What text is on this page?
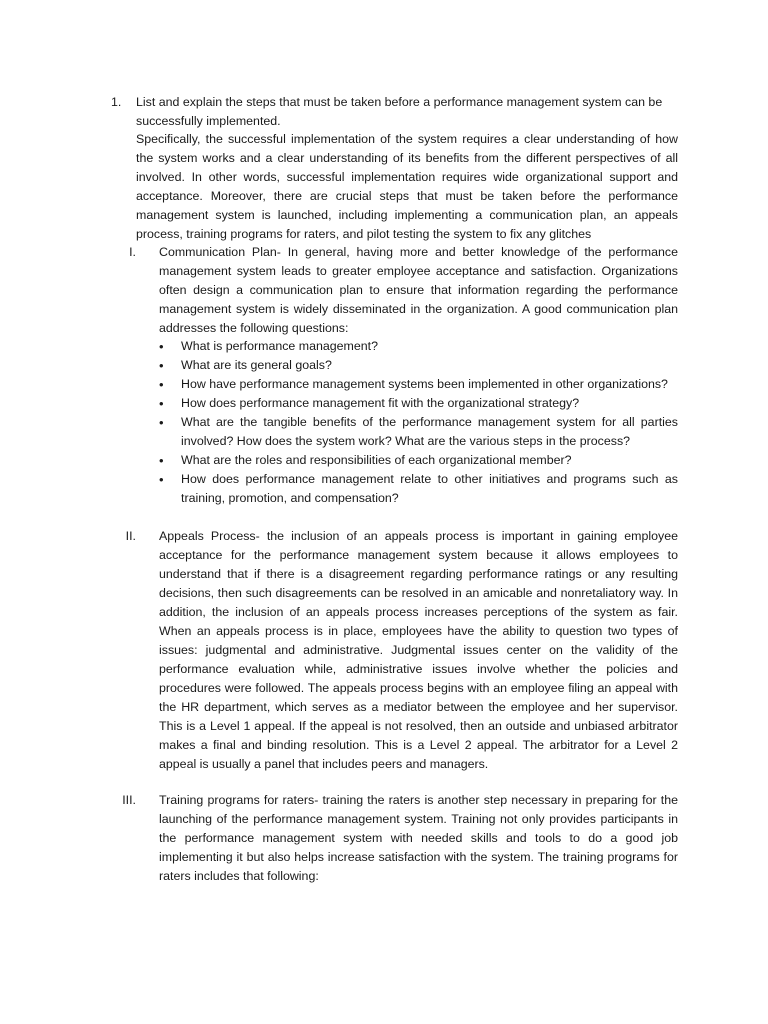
1.	List and explain the steps that must be taken before a performance management system can be successfully implemented.

Specifically, the successful implementation of the system requires a clear understanding of how the system works and a clear understanding of its benefits from the different perspectives of all involved. In other words, successful implementation requires wide organizational support and acceptance. Moreover, there are crucial steps that must be taken before the performance management system is launched, including implementing a communication plan, an appeals process, training programs for raters, and pilot testing the system to fix any glitches

I. Communication Plan- In general, having more and better knowledge of the performance management system leads to greater employee acceptance and satisfaction. Organizations often design a communication plan to ensure that information regarding the performance management system is widely disseminated in the organization. A good communication plan addresses the following questions:

•	What is performance management?
•	What are its general goals?
•	How have performance management systems been implemented in other organizations?
•	How does performance management fit with the organizational strategy?
•	What are the tangible benefits of the performance management system for all parties involved? How does the system work? What are the various steps in the process?
•	What are the roles and responsibilities of each organizational member?
•	How does performance management relate to other initiatives and programs such as training, promotion, and compensation?
II. Appeals Process- the inclusion of an appeals process is important in gaining employee acceptance for the performance management system because it allows employees to understand that if there is a disagreement regarding performance ratings or any resulting decisions, then such disagreements can be resolved in an amicable and nonretaliatory way. In addition, the inclusion of an appeals process increases perceptions of the system as fair. When an appeals process is in place, employees have the ability to question two types of issues: judgmental and administrative. Judgmental issues center on the validity of the performance evaluation while, administrative issues involve whether the policies and procedures were followed. The appeals process begins with an employee filing an appeal with the HR department, which serves as a mediator between the employee and her supervisor. This is a Level 1 appeal. If the appeal is not resolved, then an outside and unbiased arbitrator makes a final and binding resolution. This is a Level 2 appeal. The arbitrator for a Level 2 appeal is usually a panel that includes peers and managers.

III. Training programs for raters- training the raters is another step necessary in preparing for the launching of the performance management system. Training not only provides participants in the performance management system with needed skills and tools to do a good job implementing it but also helps increase satisfaction with the system. The training programs for raters includes that following:
